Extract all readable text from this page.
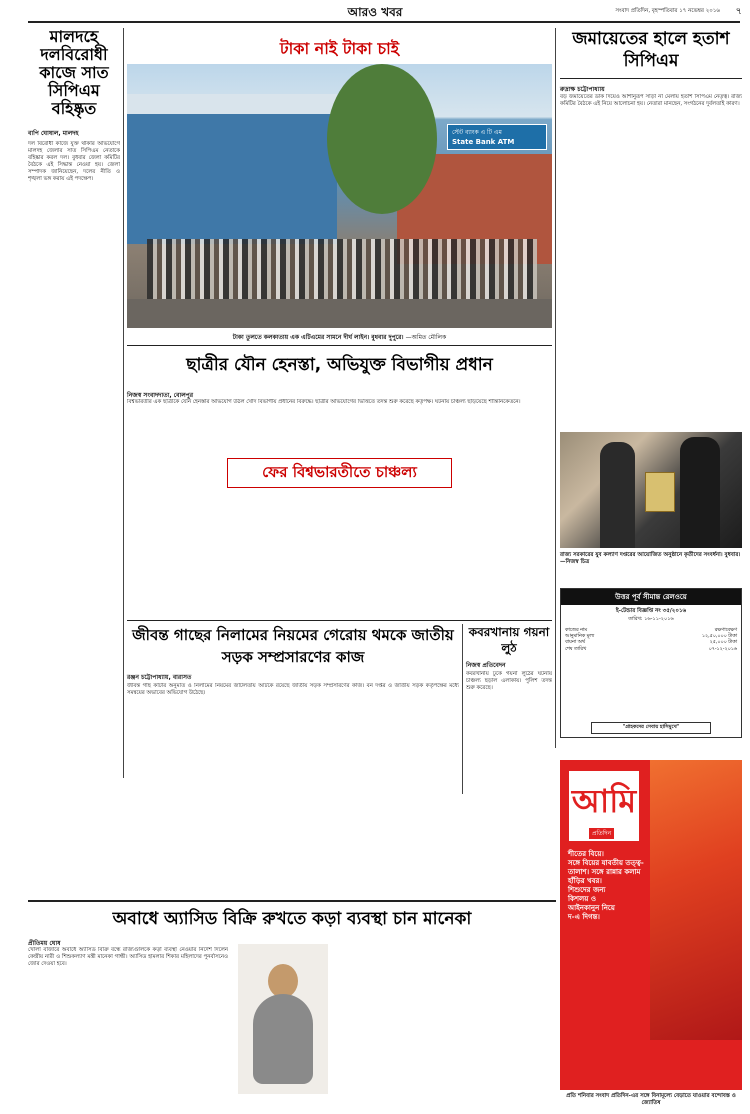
আরও খবর	সংবাদ প্রতিদিন, বৃহস্পতিবার ১৭ নভেম্বর ২০১৬	৭
মালদহে দলবিরোধী কাজে সাত সিপিএম বহিষ্কৃত
বাপি ঘোষাল, মালদহ
দল বিরোধী কাজে যুক্ত থাকার অভিযোগে মালদহ জেলার সাত সিপিএম নেতাকে বহিষ্কার করল দল। বুধবার জেলা কমিটির বৈঠকে এই সিদ্ধান্ত নেওয়া হয়। জেলা সম্পাদক জানিয়েছেন, দলের নীতি ও শৃঙ্খলা ভঙ্গ করায় এই পদক্ষেপ।
টাকা নাই টাকা চাই
স্টেট ব্যাংক এ টি এম
State Bank ATM
টাকা তুলতে কলকাতায় এক এটিএমের সামনে দীর্ঘ লাইন। বুধবার দুপুরে। —অমিত মৌলিক
জমায়েতের হালে হতাশ সিপিএম
রুদ্রাক্ষ চট্টোপাধ্যায়
বড় জমায়েতের ডাক দিয়েও আশানুরূপ সাড়া না মেলায় হতাশ সিপিএম নেতৃত্ব। রাজ্য কমিটির বৈঠকে এই নিয়ে আলোচনা হয়। নেতারা মানছেন, সংগঠনের দুর্বলতাই কারণ।
ছাত্রীর যৌন হেনস্তা, অভিযুক্ত বিভাগীয় প্রধান
নিজস্ব সংবাদদাতা, বোলপুর
বিশ্বভারতীর এক ছাত্রীকে যৌন হেনস্তার অভিযোগ উঠল খোদ বিভাগীয় প্রধানের বিরুদ্ধে। ছাত্রীর অভিযোগের ভিত্তিতে তদন্ত শুরু করেছে কর্তৃপক্ষ। ঘটনায় চাঞ্চল্য ছড়িয়েছে শান্তিনিকেতনে।
ফের বিশ্বভারতীতে চাঞ্চল্য
রাজ্য সরকারের যুব কল্যাণ দপ্তরের আয়োজিত অনুষ্ঠানে কৃতীদের সংবর্ধনা। বুধবার। —নিজস্ব চিত্র
উত্তর পূর্ব সীমান্ত রেলওয়ে
ই-টেন্ডার বিজ্ঞপ্তি নং ৩৫/২০১৬
তারিখ: ১৬-১১-২০১৬
কাজের নাম	রক্ষণাবেক্ষণ
আনুমানিক মূল্য	১২,৫০,০০০ টাকা
বায়না অর্থ	২৫,০০০ টাকা
শেষ তারিখ	০৭-১২-২০১৬
"গ্রাহকদের সেবায় হাসিমুখে"
জীবন্ত গাছের নিলামের নিয়মের গেরোয় থমকে জাতীয় সড়ক সম্প্রসারণের কাজ
রঞ্জন চট্টোপাধ্যায়, বারাসত
জীবন্ত গাছ কাটার অনুমতি ও নিলামের নিয়মের জটিলতায় আটকে রয়েছে জাতীয় সড়ক সম্প্রসারণের কাজ। বন দপ্তর ও জাতীয় সড়ক কর্তৃপক্ষের মধ্যে সমন্বয়ের অভাবের অভিযোগ উঠেছে।
কবরখানায় গয়না লুঠ
নিজস্ব প্রতিবেদন
কবরখানায় ঢুকে গয়না লুঠের ঘটনায় চাঞ্চল্য ছড়াল এলাকায়। পুলিশ তদন্ত শুরু করেছে।
অবাধে অ্যাসিড বিক্রি রুখতে কড়া ব্যবস্থা চান মানেকা
প্রীতিময় ঘোষ
খোলা বাজারে অবাধে অ্যাসিড বিক্রি বন্ধে রাজ্যগুলিকে কড়া ব্যবস্থা নেওয়ার নির্দেশ দিলেন কেন্দ্রীয় নারী ও শিশুকল্যাণ মন্ত্রী মানেকা গান্ধী। অ্যাসিড হামলার শিকার মহিলাদের পুনর্বাসনেও জোর দেওয়া হবে।
আমি
প্রতিদিন
শীতের বিয়ে।
সঙ্গে বিয়ের যাবতীয় তত্ত্ব-তালাশ। সঙ্গে রান্নার কলাম
হাঁড়ির খবর।
শিশুদের জন্য
কিশলয় ও
আইনকানুন নিয়ে
দ-এ দিগন্ত।
প্রতি শনিবার সংবাদ প্রতিদিন-এর সঙ্গে বিনামূল্যে বেড়াতে যাওয়ার বন্দোবস্ত ও জ্যোতিষ
